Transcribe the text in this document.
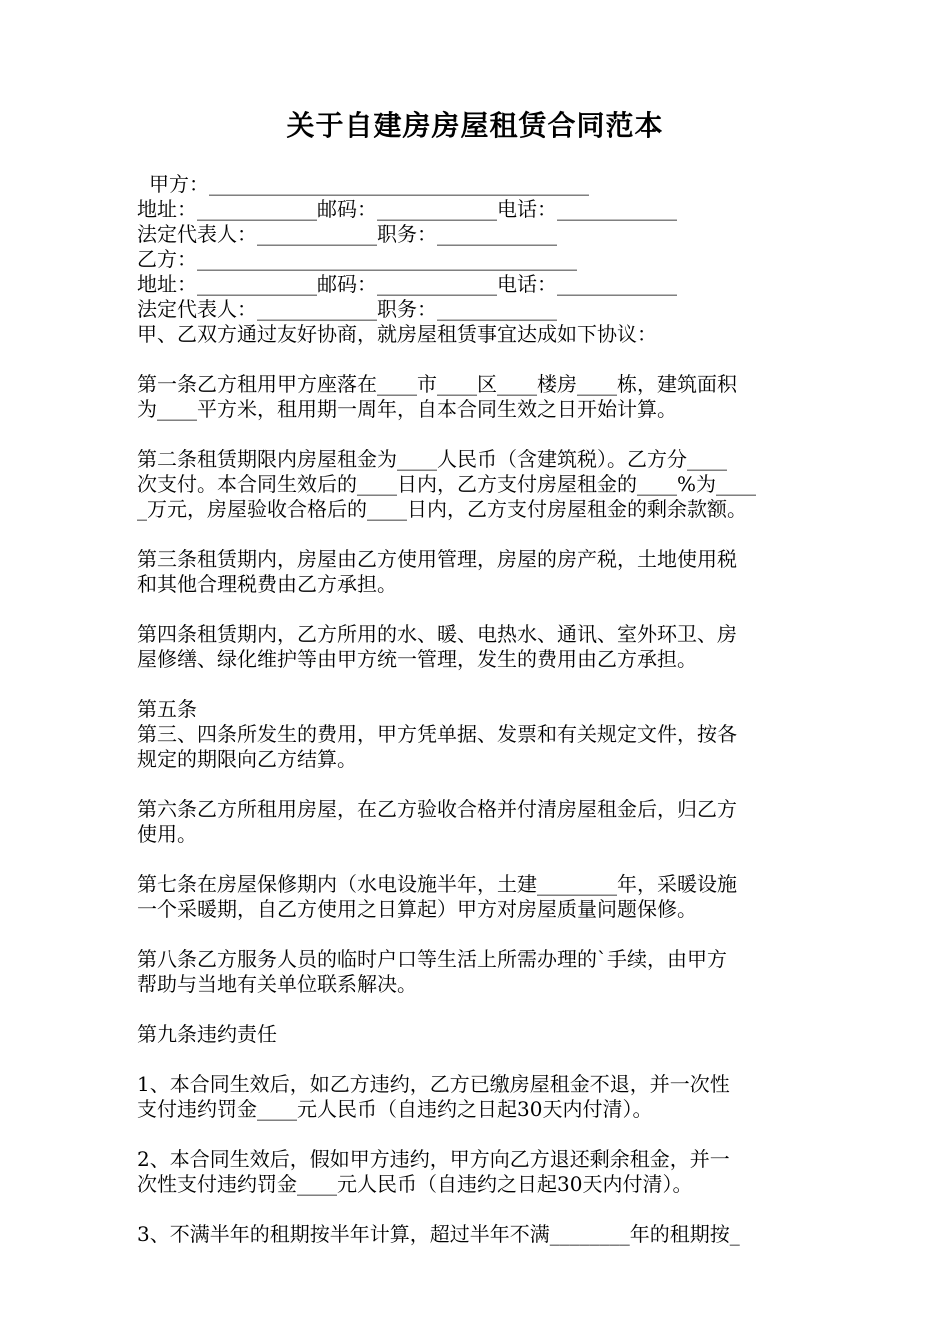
关于自建房房屋租赁合同范本
甲方：______________________________________
地址：____________邮码：____________电话：____________
法定代表人：____________职务：____________
乙方：______________________________________
地址：____________邮码：____________电话：____________
法定代表人：____________职务：____________
甲、乙双方通过友好协商，就房屋租赁事宜达成如下协议：
第一条乙方租用甲方座落在____市____区____楼房____栋，建筑面积
为____平方米，租用期一周年，自本合同生效之日开始计算。
第二条租赁期限内房屋租金为____人民币（含建筑税）。乙方分____
次支付。本合同生效后的____日内，乙方支付房屋租金的____%为____
_万元，房屋验收合格后的____日内，乙方支付房屋租金的剩余款额。
第三条租赁期内，房屋由乙方使用管理，房屋的房产税，土地使用税
和其他合理税费由乙方承担。
第四条租赁期内，乙方所用的水、暖、电热水、通讯、室外环卫、房
屋修缮、绿化维护等由甲方统一管理，发生的费用由乙方承担。
第五条
第三、四条所发生的费用，甲方凭单据、发票和有关规定文件，按各
规定的期限向乙方结算。
第六条乙方所租用房屋，在乙方验收合格并付清房屋租金后，归乙方
使用。
第七条在房屋保修期内（水电设施半年，土建________年，采暖设施
一个采暖期，自乙方使用之日算起）甲方对房屋质量问题保修。
第八条乙方服务人员的临时户口等生活上所需办理的`手续，由甲方
帮助与当地有关单位联系解决。
第九条违约责任
1、本合同生效后，如乙方违约，乙方已缴房屋租金不退，并一次性
支付违约罚金____元人民币（自违约之日起30天内付清）。
2、本合同生效后，假如甲方违约，甲方向乙方退还剩余租金，并一
次性支付违约罚金____元人民币（自违约之日起30天内付清）。
3、不满半年的租期按半年计算，超过半年不满________年的租期按_
